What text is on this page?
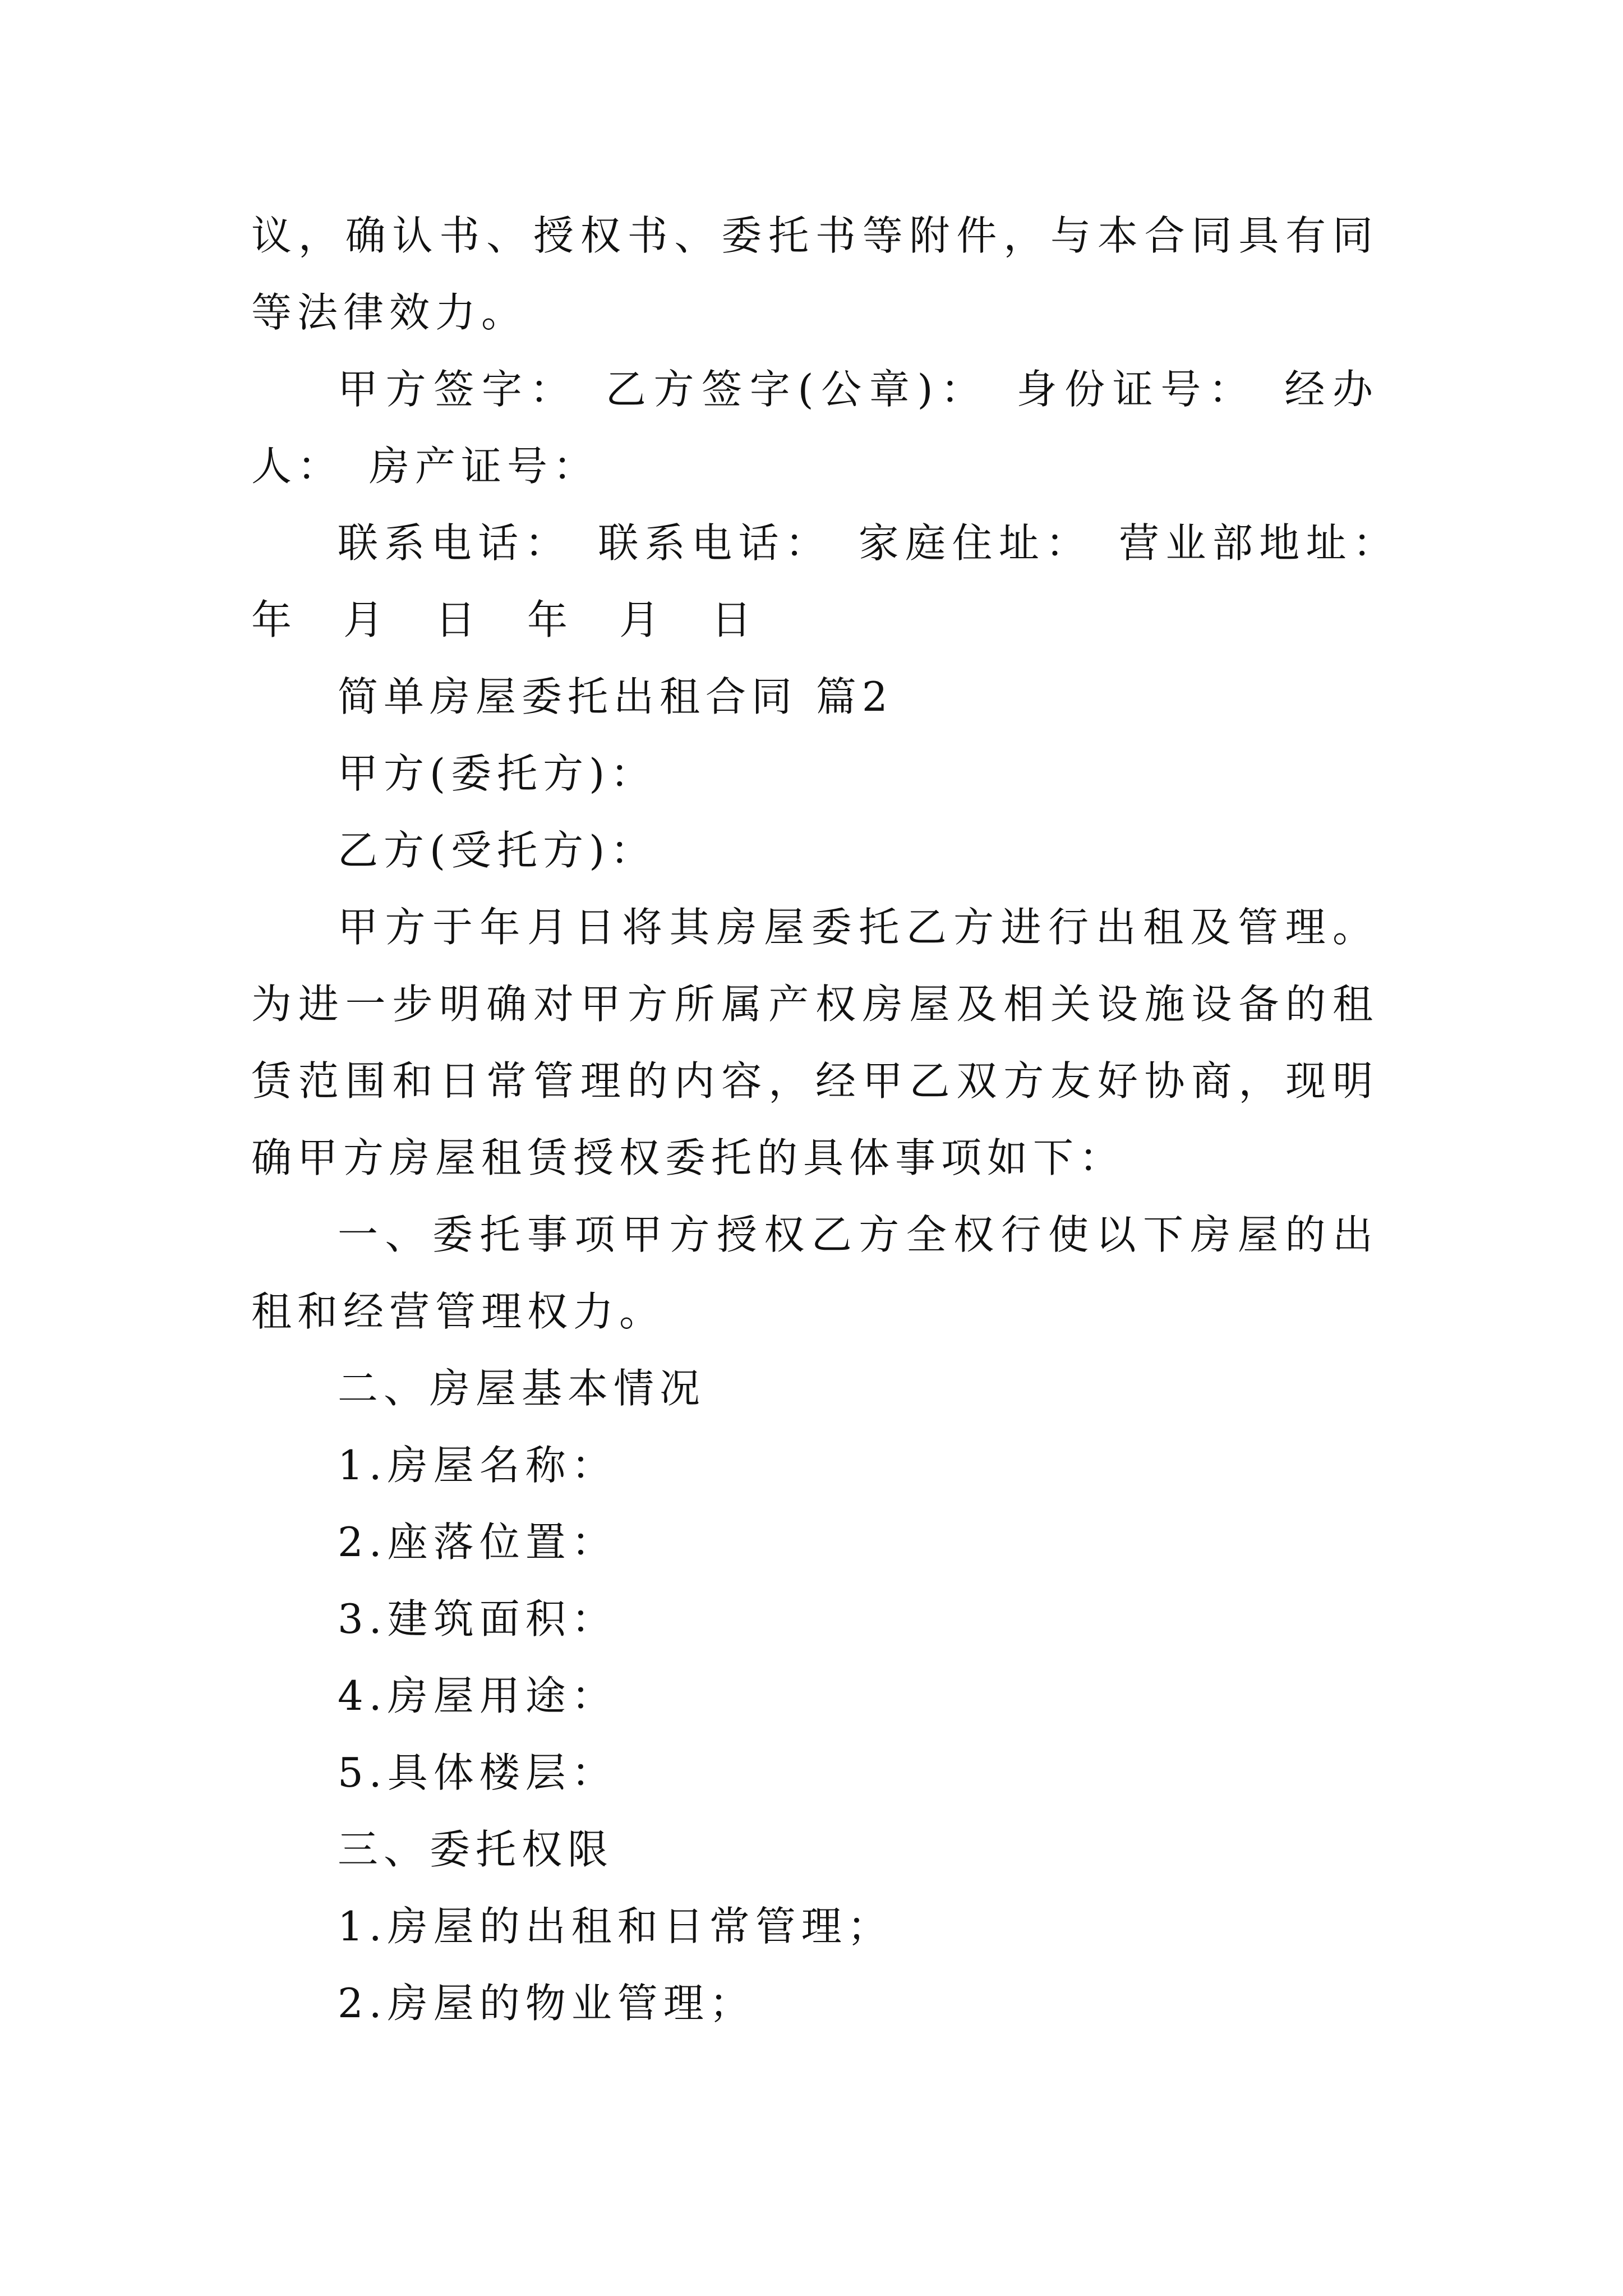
议，确认书、授权书、委托书等附件，与本合同具有同等法律效力。

甲方签字：　乙方签字(公章)：　身份证号：　经办人：　房产证号：

联系电话：　联系电话：　家庭住址：　营业部地址：　年　月　日　年　月　日

简单房屋委托出租合同 篇2

甲方(委托方)：

乙方(受托方)：

甲方于年月日将其房屋委托乙方进行出租及管理。为进一步明确对甲方所属产权房屋及相关设施设备的租赁范围和日常管理的内容，经甲乙双方友好协商，现明确甲方房屋租赁授权委托的具体事项如下：

一、委托事项甲方授权乙方全权行使以下房屋的出租和经营管理权力。

二、房屋基本情况

1.房屋名称：

2.座落位置：

3.建筑面积：

4.房屋用途：

5.具体楼层：

三、委托权限

1.房屋的出租和日常管理；

2.房屋的物业管理；
